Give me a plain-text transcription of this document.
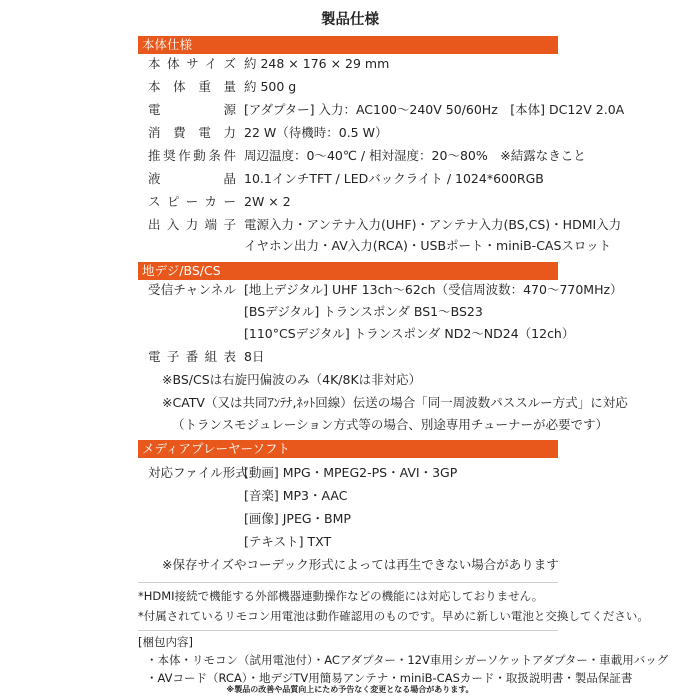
製品仕様
本体仕様
本体サイズ 約 248 × 176 × 29 mm
本体重量 約 500 g
電源 [アダプター] 入力：AC100〜240V 50/60Hz　[本体] DC12V 2.0A
消費電力 22 W（待機時：0.5 W）
推奨作動条件 周辺温度：0〜40℃ / 相対湿度：20〜80%　※結露なきこと
液晶 10.1インチTFT / LEDバックライト / 1024*600RGB
スピーカー 2W × 2
出入力端子 電源入力・アンテナ入力(UHF)・アンテナ入力(BS,CS)・HDMI入力
イヤホン出力・AV入力(RCA)・USBポート・miniB-CASスロット
地デジ/BS/CS
受信チャンネル [地上デジタル] UHF 13ch〜62ch（受信周波数：470〜770MHz）
[BSデジタル] トランスポンダ BS1〜BS23
[110°CSデジタル] トランスポンダ ND2〜ND24（12ch）
電子番組表 8日
※BS/CSは右旋円偏波のみ（4K/8Kは非対応）
※CATV（又は共同ｱﾝﾃﾅ,ﾈｯﾄ回線）伝送の場合「同一周波数パススルー方式」に対応
（トランスモジュレーション方式等の場合、別途専用チューナーが必要です）
メディアプレーヤーソフト
対応ファイル形式
[動画] MPG・MPEG2-PS・AVI・3GP
[音楽] MP3・AAC
[画像] JPEG・BMP
[テキスト] TXT
※保存サイズやコーデック形式によっては再生できない場合があります
*HDMI接続で機能する外部機器連動操作などの機能には対応しておりません。
*付属されているリモコン用電池は動作確認用のものです。早めに新しい電池と交換してください。
[梱包内容]
・本体・リモコン（試用電池付）・ACアダプター・12V車用シガーソケットアダプター・車載用バッグ
・AVコード（RCA）・地デジTV用簡易アンテナ・miniB-CASカード・取扱説明書・製品保証書
※製品の改善や品質向上にため予告なく変更となる場合があります。
